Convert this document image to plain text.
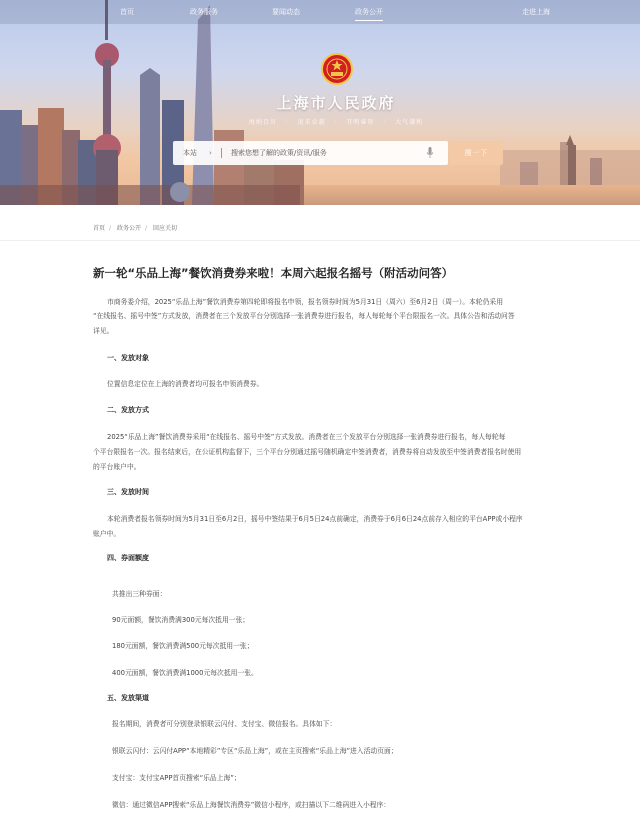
首页	政务服务	要闻动态	政务公开	走进上海
上海市人民政府
海纳百川 · 追求卓越 · 开明睿智 · 大气谦和
本站 ›	搜索您想了解的政策/资讯/服务	搜一下
首页 / 政务公开 / 回应关切
新一轮“乐品上海”餐饮消费券来啦！本周六起报名摇号（附活动问答）
市商务委介绍，2025“乐品上海”餐饮消费券第四轮即将报名申领，报名领券时间为5月31日（周六）至6月2日（周一）。本轮仍采用
“在线报名、摇号中签”方式发放，消费者在三个发放平台分别选择一张消费券进行报名，每人每轮每个平台限报名一次。具体公告和活动问答
详见。
一、发放对象
位置信息定位在上海的消费者均可报名申领消费券。
二、发放方式
2025“乐品上海”餐饮消费券采用“在线报名、摇号中签”方式发放。消费者在三个发放平台分别选择一张消费券进行报名，每人每轮每
个平台限报名一次。报名结束后，在公证机构监督下，三个平台分别通过摇号随机确定中签消费者，消费券将自动发放至中签消费者报名时使用
的平台账户中。
三、发放时间
本轮消费者报名领券时间为5月31日至6月2日，摇号中签结果于6月5日24点前确定，消费券于6月6日24点前存入相应的平台APP或小程序
账户中。
四、券面额度
共推出三种券面：
90元面额，餐饮消费满300元每次抵用一张；
180元面额，餐饮消费满500元每次抵用一张；
400元面额，餐饮消费满1000元每次抵用一张。
五、发放渠道
报名期间，消费者可分别登录银联云闪付、支付宝、微信报名。具体如下：
银联云闪付：云闪付APP“本地精彩”专区“乐品上海”，或在主页搜索“乐品上海”进入活动页面；
支付宝：支付宝APP首页搜索“乐品上海”；
微信：通过微信APP搜索“乐品上海餐饮消费券”微信小程序，或扫描以下二维码进入小程序：
